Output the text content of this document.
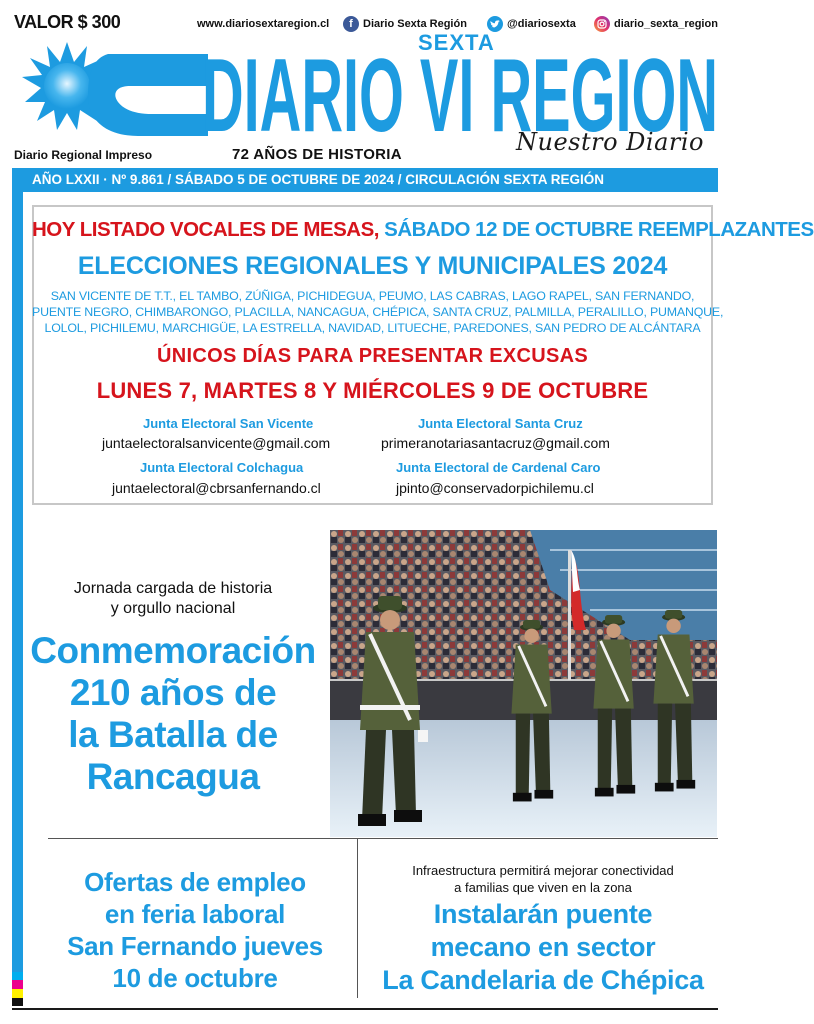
VALOR $ 300	www.diariosextaregion.cl	f Diario Sexta Región	@diariosexta	diario_sexta_region
SEXTA
DIARIO VI REGION
Nuestro Diario
Diario Regional Impreso	72 AÑOS DE HISTORIA
AÑO LXXII · Nº 9.861 / SÁBADO 5 DE OCTUBRE DE 2024 / CIRCULACIÓN SEXTA REGIÓN
HOY LISTADO VOCALES DE MESAS, SÁBADO 12 DE OCTUBRE REEMPLAZANTES
ELECCIONES REGIONALES Y MUNICIPALES 2024
SAN VICENTE DE T.T., EL TAMBO, ZÚÑIGA, PICHIDEGUA, PEUMO, LAS CABRAS, LAGO RAPEL, SAN FERNANDO,
PUENTE NEGRO, CHIMBARONGO, PLACILLA, NANCAGUA, CHÉPICA, SANTA CRUZ, PALMILLA, PERALILLO, PUMANQUE,
LOLOL, PICHILEMU, MARCHIGÜE, LA ESTRELLA, NAVIDAD, LITUECHE, PAREDONES, SAN PEDRO DE ALCÁNTARA
ÚNICOS DÍAS PARA PRESENTAR EXCUSAS
LUNES 7, MARTES 8 Y MIÉRCOLES 9 DE OCTUBRE
Junta Electoral San Vicente
juntaelectoralsanvicente@gmail.com
Junta Electoral Santa Cruz
primeranotariasantacruz@gmail.com
Junta Electoral Colchagua
juntaelectoral@cbrsanfernando.cl
Junta Electoral de Cardenal Caro
jpinto@conservadorpichilemu.cl
Jornada cargada de historia
y orgullo nacional
Conmemoración
210 años de
la Batalla de
Rancagua
Ofertas de empleo
en feria laboral
San Fernando jueves
10 de octubre
Infraestructura permitirá mejorar conectividad
a familias que viven en la zona
Instalarán puente
mecano en sector
La Candelaria de Chépica
